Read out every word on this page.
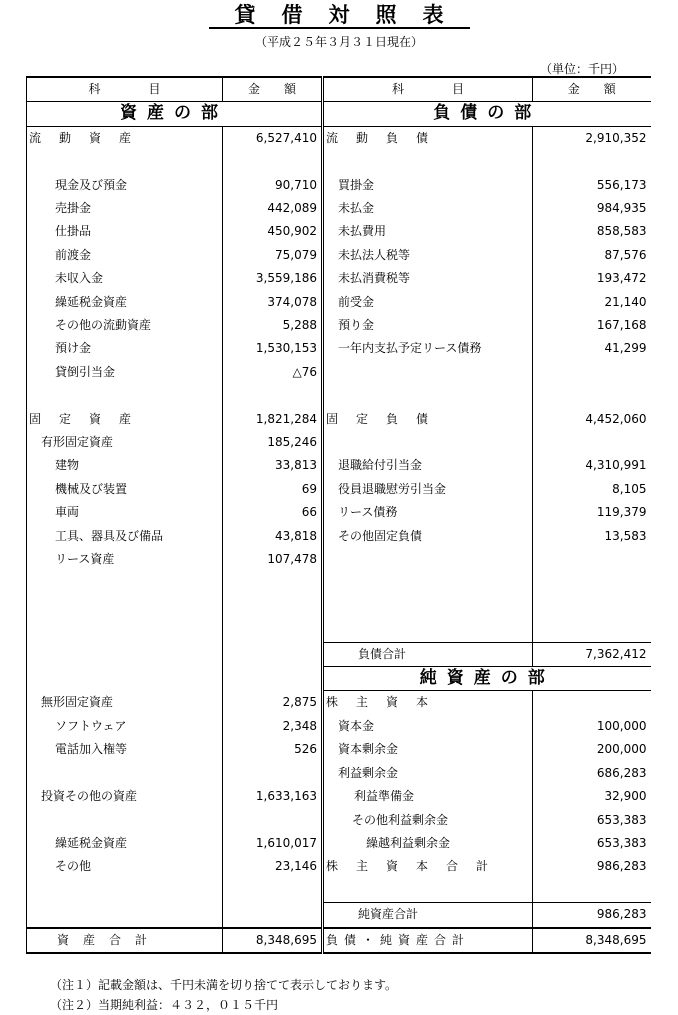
貸借対照表
（平成２５年３月３１日現在）
（単位：千円）
科　　　　目	金　　額	科　　　　目	金　　額
資産の部		負債の部	
流動資産	6,527,410	流動負債	2,910,352

現金及び預金	90,710	買掛金	556,173
売掛金	442,089	未払金	984,935
仕掛品	450,902	未払費用	858,583
前渡金	75,079	未払法人税等	87,576
未収入金	3,559,186	未払消費税等	193,472
繰延税金資産	374,078	前受金	21,140
その他の流動資産	5,288	預り金	167,168
預け金	1,530,153	一年内支払予定リース債務	41,299
貸倒引当金	△76		

固定資産	1,821,284	固定負債	4,452,060
有形固定資産	185,246		
建物	33,813	退職給付引当金	4,310,991
機械及び装置	69	役員退職慰労引当金	8,105
車両	66	リース債務	119,379
工具、器具及び備品	43,818	その他固定負債	13,583
リース資産	107,478		

		負債合計	7,362,412
		純資産の部	
無形固定資産	2,875	株主資本	
ソフトウェア	2,348	資本金	100,000
電話加入権等	526	資本剰余金	200,000
		利益剰余金	686,283
投資その他の資産	1,633,163	利益準備金	32,900
		その他利益剰余金	653,383
繰延税金資産	1,610,017	繰越利益剰余金	653,383
その他	23,146	株主資本合計	986,283

		純資産合計	986,283
資産合計	8,348,695	負債・純資産合計	8,348,695
（注１）記載金額は、千円未満を切り捨てて表示しております。
（注２）当期純利益：４３２，０１５千円
